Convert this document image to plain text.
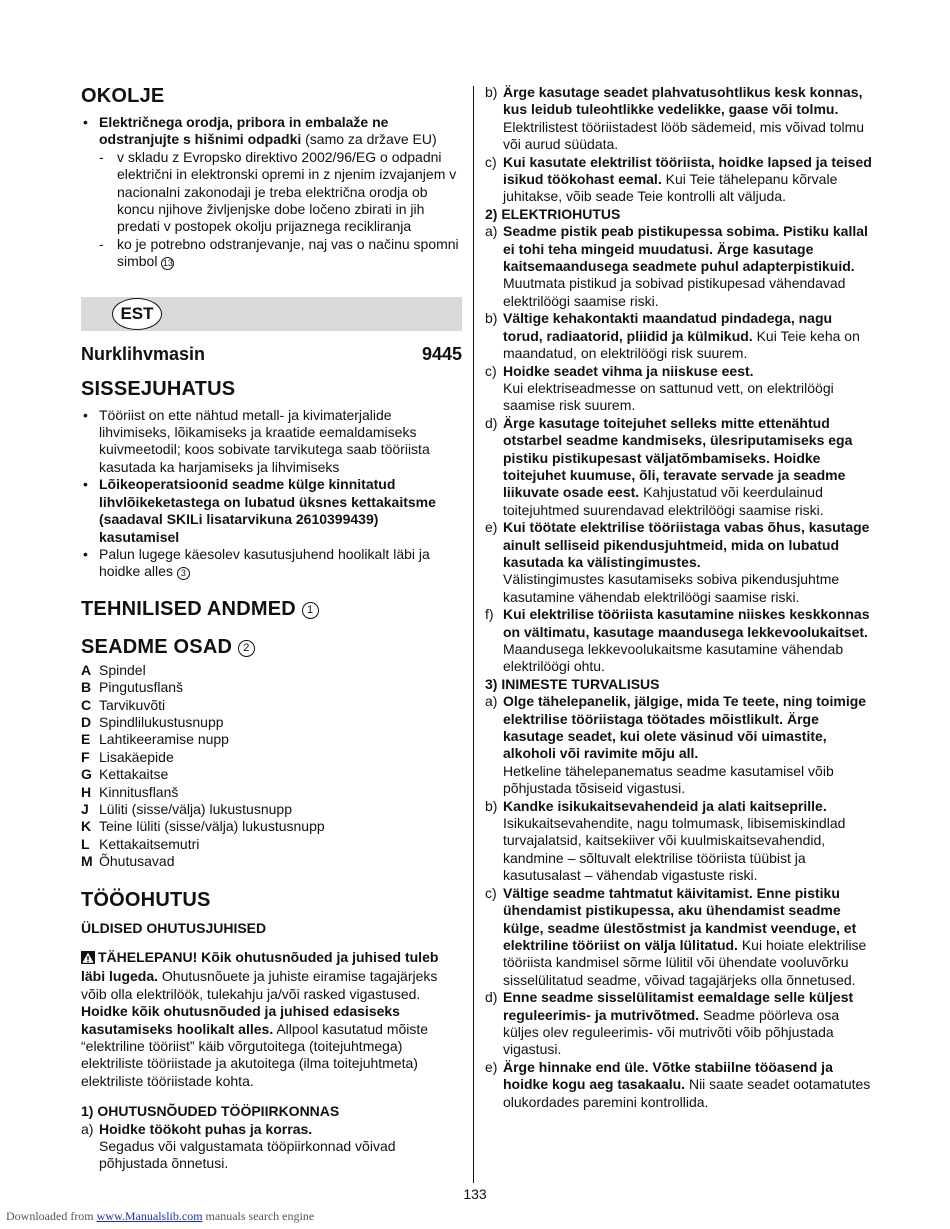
OKOLJE
• Električnega orodja, pribora in embalaže ne odstranjujte s hišnimi odpadki (samo za države EU)
- v skladu z Evropsko direktivo 2002/96/EG o odpadni električni in elektronski opremi in z njenim izvajanjem v nacionalni zakonodaji je treba električna orodja ob koncu njihove življenjske dobe ločeno zbirati in jih predati v postopek okolju prijaznega recikliranja
- ko je potrebno odstranjevanje, naj vas o načinu spomni simbol 13
EST
Nurklihvmasin	9445
SISSEJUHATUS
• Tööriist on ette nähtud metall- ja kivimaterjalide lihvimiseks, lõikamiseks ja kraatide eemaldamiseks kuivmeetodil; koos sobivate tarvikutega saab tööriista kasutada ka harjamiseks ja lihvimiseks
• Lõikeoperatsioonid seadme külge kinnitatud lihvlõikeketastega on lubatud üksnes kettakaitsme (saadaval SKILi lisatarvikuna 2610399439) kasutamisel
• Palun lugege käesolev kasutusjuhend hoolikalt läbi ja hoidke alles 3
TEHNILISED ANDMED 1
SEADME OSAD 2
A Spindel
B Pingutusflanš
C Tarvikuvõti
D Spindlilukustusnupp
E Lahtikeeramise nupp
F Lisakäepide
G Kettakaitse
H Kinnitusflanš
J Lüliti (sisse/välja) lukustusnupp
K Teine lüliti (sisse/välja) lukustusnupp
L Kettakaitsemutri
M Õhutusavad
TÖÖOHUTUS
ÜLDISED OHUTUSJUHISED
TÄHELEPANU! Kõik ohutusnõuded ja juhised tuleb läbi lugeda. Ohutusnõuete ja juhiste eiramise tagajärjeks võib olla elektrilöök, tulekahju ja/või rasked vigastused. Hoidke kõik ohutusnõuded ja juhised edasiseks kasutamiseks hoolikalt alles. Allpool kasutatud mõiste “elektriline tööriist” käib võrgutoitega (toitejuhtmega) elektriliste tööriistade ja akutoitega (ilma toitejuhtmeta) elektriliste tööriistade kohta.
1) OHUTUSNÕUDED TÖÖPIIRKONNAS
a) Hoidke töökoht puhas ja korras.
Segadus või valgustamata tööpiirkonnad võivad põhjustada õnnetusi.
b) Ärge kasutage seadet plahvatusohtlikus kesk konnas, kus leidub tuleohtlikke vedelikke, gaase või tolmu. Elektrilistest tööriistadest lööb sädemeid, mis võivad tolmu või aurud süüdata.
c) Kui kasutate elektrilist tööriista, hoidke lapsed ja teised isikud töökohast eemal. Kui Teie tähelepanu kõrvale juhitakse, võib seade Teie kontrolli alt väljuda.
2) ELEKTRIOHUTUS
a) Seadme pistik peab pistikupessa sobima. Pistiku kallal ei tohi teha mingeid muudatusi. Ärge kasutage kaitsemaandusega seadmete puhul adapterpistikuid. Muutmata pistikud ja sobivad pistikupesad vähendavad elektrilöögi saamise riski.
b) Vältige kehakontakti maandatud pindadega, nagu torud, radiaatorid, pliidid ja külmikud. Kui Teie keha on maandatud, on elektrilöögi risk suurem.
c) Hoidke seadet vihma ja niiskuse eest.
Kui elektriseadmesse on sattunud vett, on elektrilöögi saamise risk suurem.
d) Ärge kasutage toitejuhet selleks mitte ettenähtud otstarbel seadme kandmiseks, ülesriputamiseks ega pistiku pistikupesast väljatõmbamiseks. Hoidke toitejuhet kuumuse, õli, teravate servade ja seadme liikuvate osade eest. Kahjustatud või keerdulainud toitejuhtmed suurendavad elektrilöögi saamise riski.
e) Kui töötate elektrilise tööriistaga vabas õhus, kasutage ainult selliseid pikendusjuhtmeid, mida on lubatud kasutada ka välistingimustes.
Välistingimustes kasutamiseks sobiva pikendusjuhtme kasutamine vähendab elektrilöögi saamise riski.
f) Kui elektrilise tööriista kasutamine niiskes keskkonnas on vältimatu, kasutage maandusega lekkevoolukaitset. Maandusega lekkevoolukaitsme kasutamine vähendab elektrilöögi ohtu.
3) INIMESTE TURVALISUS
a) Olge tähelepanelik, jälgige, mida Te teete, ning toimige elektrilise tööriistaga töötades mõistlikult. Ärge kasutage seadet, kui olete väsinud või uimastite, alkoholi või ravimite mõju all.
Hetkeline tähelepanematus seadme kasutamisel võib põhjustada tõsiseid vigastusi.
b) Kandke isikukaitsevahendeid ja alati kaitseprille.
Isikukaitsevahendite, nagu tolmumask, libisemiskindlad turvajalatsid, kaitsekiiver või kuulmiskaitsevahendid, kandmine – sõltuvalt elektrilise tööriista tüübist ja kasutusalast – vähendab vigastuste riski.
c) Vältige seadme tahtmatut käivitamist. Enne pistiku ühendamist pistikupessa, aku ühendamist seadme külge, seadme ülestõstmist ja kandmist veenduge, et elektriline tööriist on välja lülitatud. Kui hoiate elektrilise tööriista kandmisel sõrme lülitil või ühendate vooluvõrku sisselülitatud seadme, võivad tagajärjeks olla õnnetused.
d) Enne seadme sisselülitamist eemaldage selle küljest reguleerimis- ja mutrivõtmed. Seadme pöörleva osa küljes olev reguleerimis- või mutrivõti võib põhjustada vigastusi.
e) Ärge hinnake end üle. Võtke stabiilne tööasend ja hoidke kogu aeg tasakaalu. Nii saate seadet ootamatutes olukordades paremini kontrollida.
133
Downloaded from www.Manualslib.com manuals search engine
